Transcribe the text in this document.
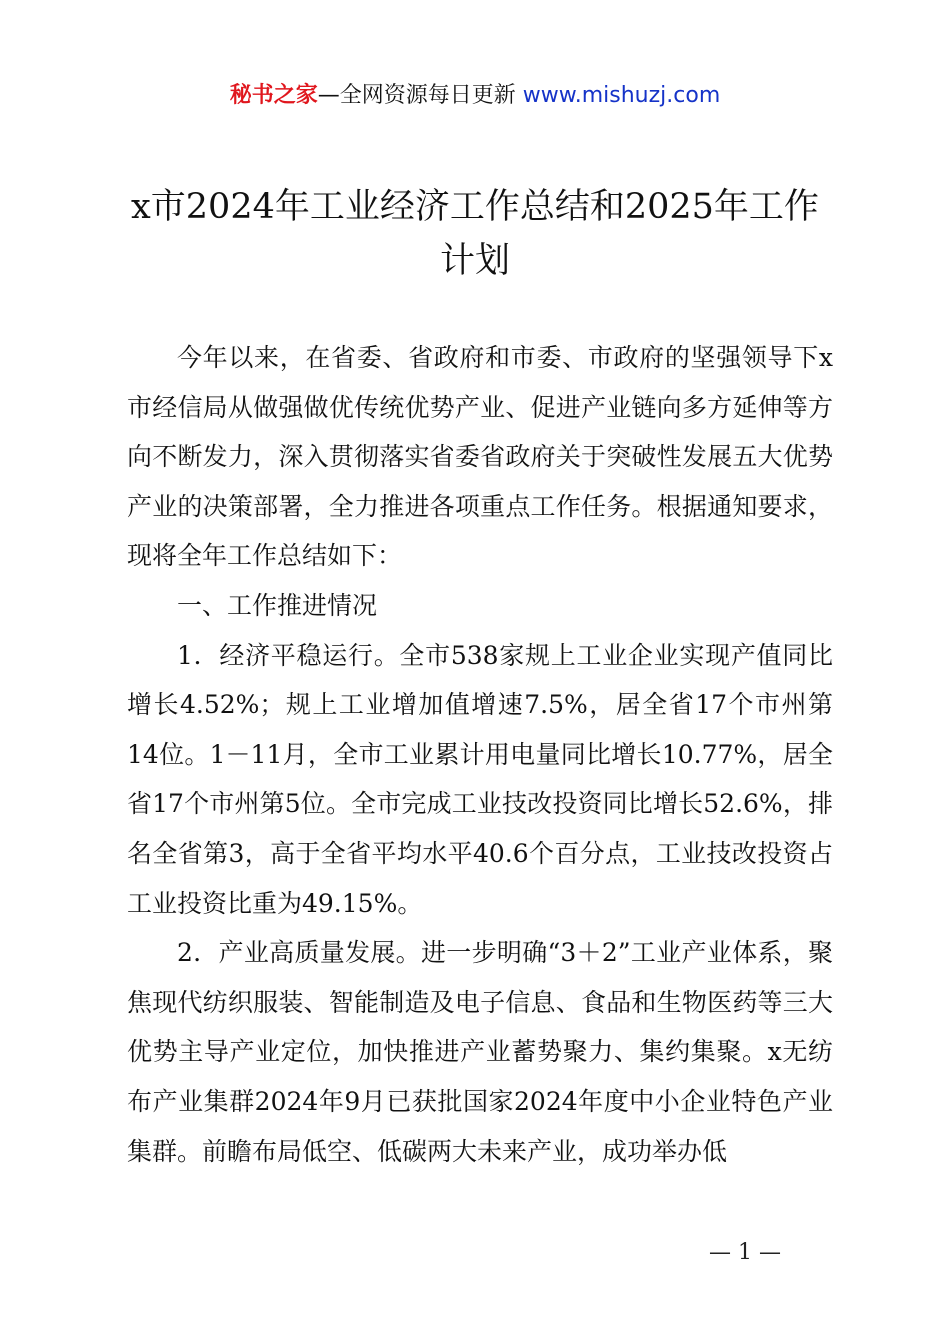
秘书之家—全网资源每日更新 www.mishuzj.com
x市2024年工业经济工作总结和2025年工作计划

今年以来，在省委、省政府和市委、市政府的坚强领导下x市经信局从做强做优传统优势产业、促进产业链向多方延伸等方向不断发力，深入贯彻落实省委省政府关于突破性发展五大优势产业的决策部署，全力推进各项重点工作任务。根据通知要求，现将全年工作总结如下：

一、工作推进情况

1．经济平稳运行。全市538家规上工业企业实现产值同比增长4.52%；规上工业增加值增速7.5%，居全省17个市州第14位。1－11月，全市工业累计用电量同比增长10.77%，居全省17个市州第5位。全市完成工业技改投资同比增长52.6%，排名全省第3，高于全省平均水平40.6个百分点，工业技改投资占工业投资比重为49.15%。

2．产业高质量发展。进一步明确“3＋2”工业产业体系，聚焦现代纺织服装、智能制造及电子信息、食品和生物医药等三大优势主导产业定位，加快推进产业蓄势聚力、集约集聚。x无纺布产业集群2024年9月已获批国家2024年度中小企业特色产业集群。前瞻布局低空、低碳两大未来产业，成功举办低

— 1 —
